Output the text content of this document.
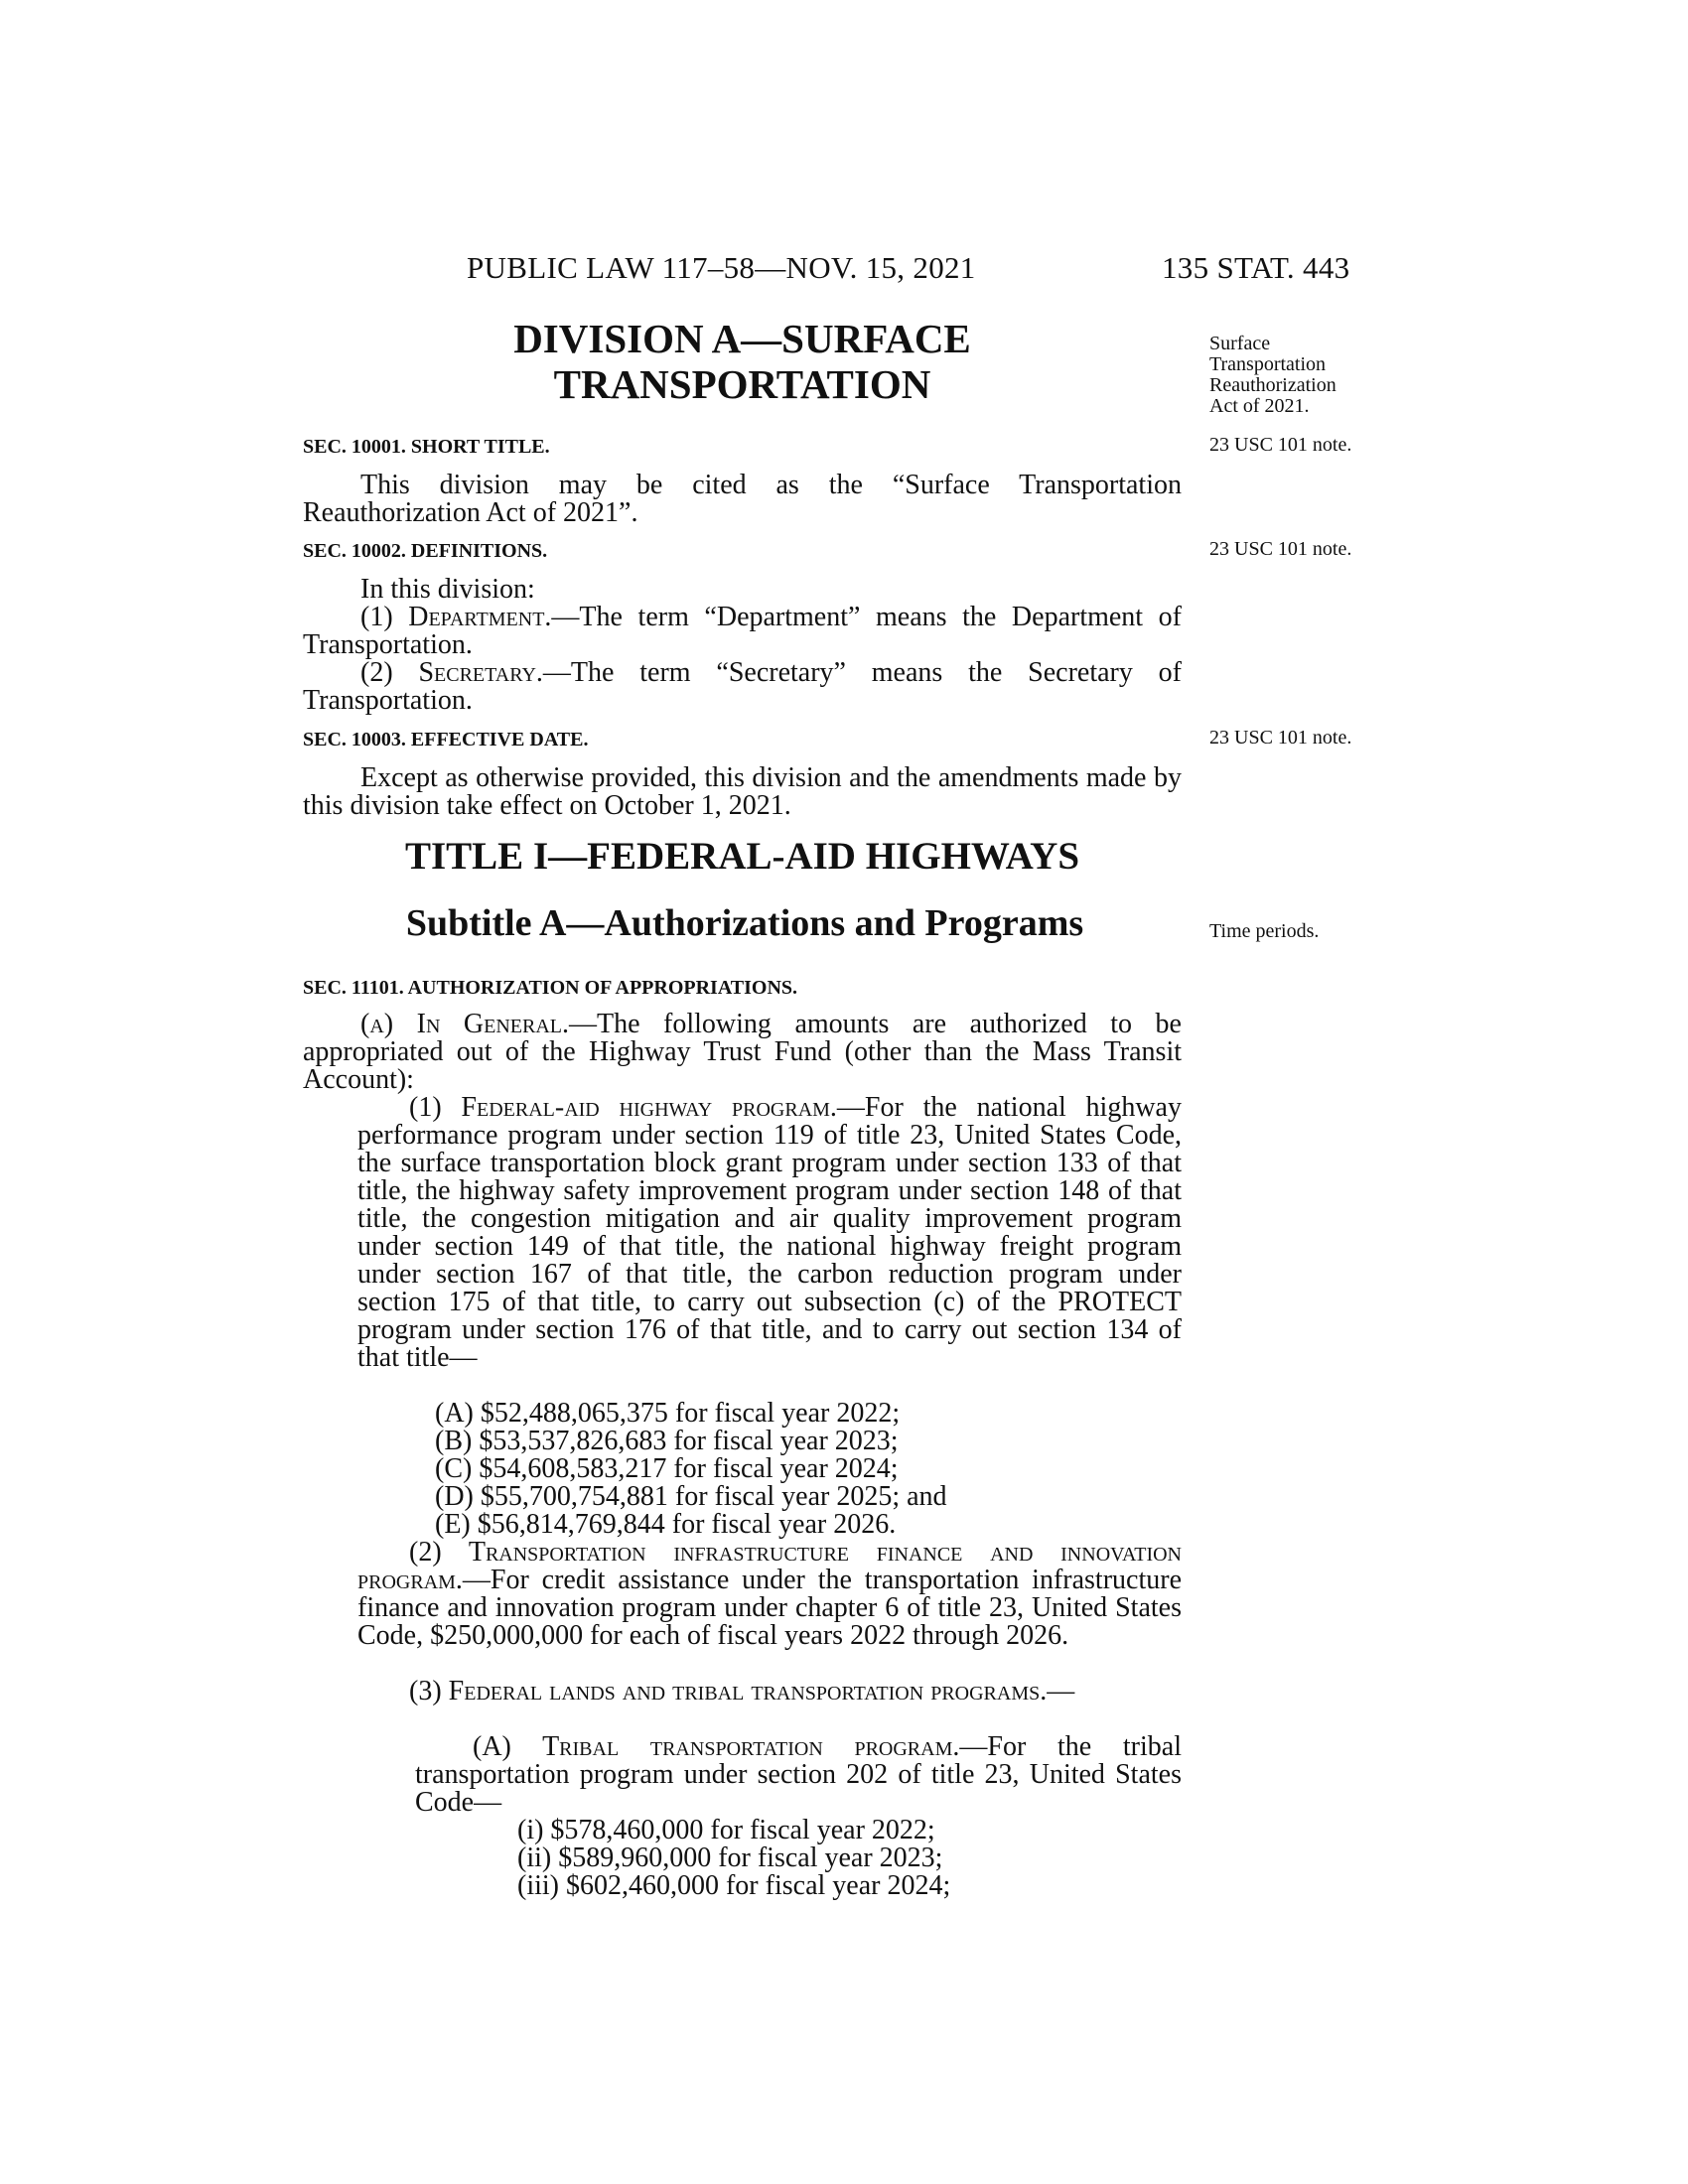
PUBLIC LAW 117–58—NOV. 15, 2021	135 STAT. 443
DIVISION A—SURFACE
TRANSPORTATION
Surface
Transportation
Reauthorization
Act of 2021.
SEC. 10001. SHORT TITLE.	23 USC 101 note.
This division may be cited as the “Surface Transportation Reauthorization Act of 2021”.
SEC. 10002. DEFINITIONS.	23 USC 101 note.
In this division:
(1) Department.—The term “Department” means the Department of Transportation.
(2) Secretary.—The term “Secretary” means the Secretary of Transportation.
SEC. 10003. EFFECTIVE DATE.	23 USC 101 note.
Except as otherwise provided, this division and the amendments made by this division take effect on October 1, 2021.
TITLE I—FEDERAL-AID HIGHWAYS
Subtitle A—Authorizations and Programs	Time periods.
SEC. 11101. AUTHORIZATION OF APPROPRIATIONS.
(a) In General.—The following amounts are authorized to be appropriated out of the Highway Trust Fund (other than the Mass Transit Account):
(1) Federal-aid highway program.—For the national highway performance program under section 119 of title 23, United States Code, the surface transportation block grant program under section 133 of that title, the highway safety improvement program under section 148 of that title, the congestion mitigation and air quality improvement program under section 149 of that title, the national highway freight program under section 167 of that title, the carbon reduction program under section 175 of that title, to carry out subsection (c) of the PROTECT program under section 176 of that title, and to carry out section 134 of that title—
(A) $52,488,065,375 for fiscal year 2022;
(B) $53,537,826,683 for fiscal year 2023;
(C) $54,608,583,217 for fiscal year 2024;
(D) $55,700,754,881 for fiscal year 2025; and
(E) $56,814,769,844 for fiscal year 2026.
(2) Transportation infrastructure finance and innovation program.—For credit assistance under the transportation infrastructure finance and innovation program under chapter 6 of title 23, United States Code, $250,000,000 for each of fiscal years 2022 through 2026.
(3) Federal lands and tribal transportation programs.—
(A) Tribal transportation program.—For the tribal transportation program under section 202 of title 23, United States Code—
(i) $578,460,000 for fiscal year 2022;
(ii) $589,960,000 for fiscal year 2023;
(iii) $602,460,000 for fiscal year 2024;
